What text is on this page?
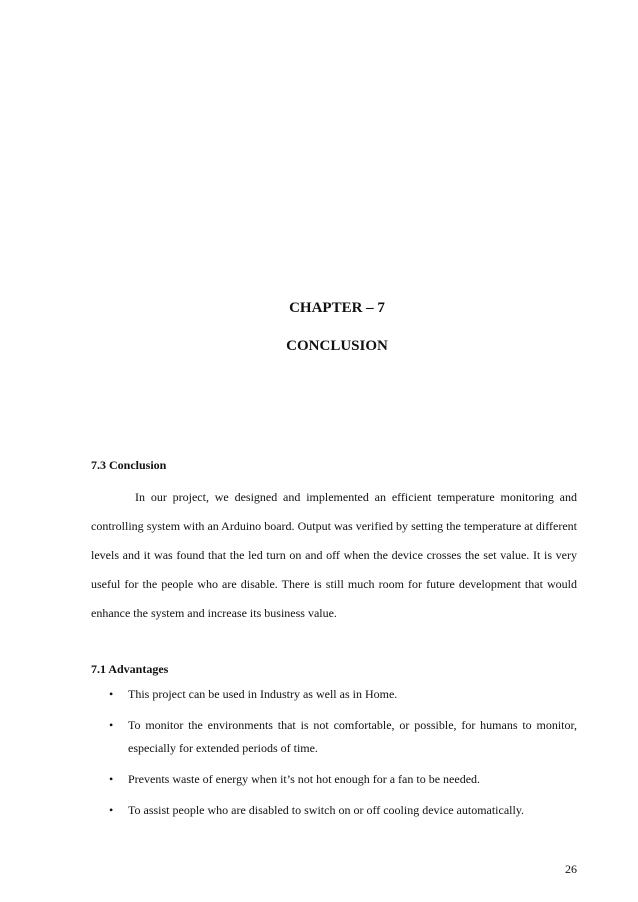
CHAPTER – 7
CONCLUSION
7.3 Conclusion

In our project, we designed and implemented an efficient temperature monitoring and controlling system with an Arduino board. Output was verified by setting the temperature at different levels and it was found that the led turn on and off when the device crosses the set value. It is very useful for the people who are disable. There is still much room for future development that would enhance the system and increase its business value.

7.1 Advantages
• This project can be used in Industry as well as in Home.
• To monitor the environments that is not comfortable, or possible, for humans to monitor, especially for extended periods of time.
• Prevents waste of energy when it’s not hot enough for a fan to be needed.
• To assist people who are disabled to switch on or off cooling device automatically.
26
